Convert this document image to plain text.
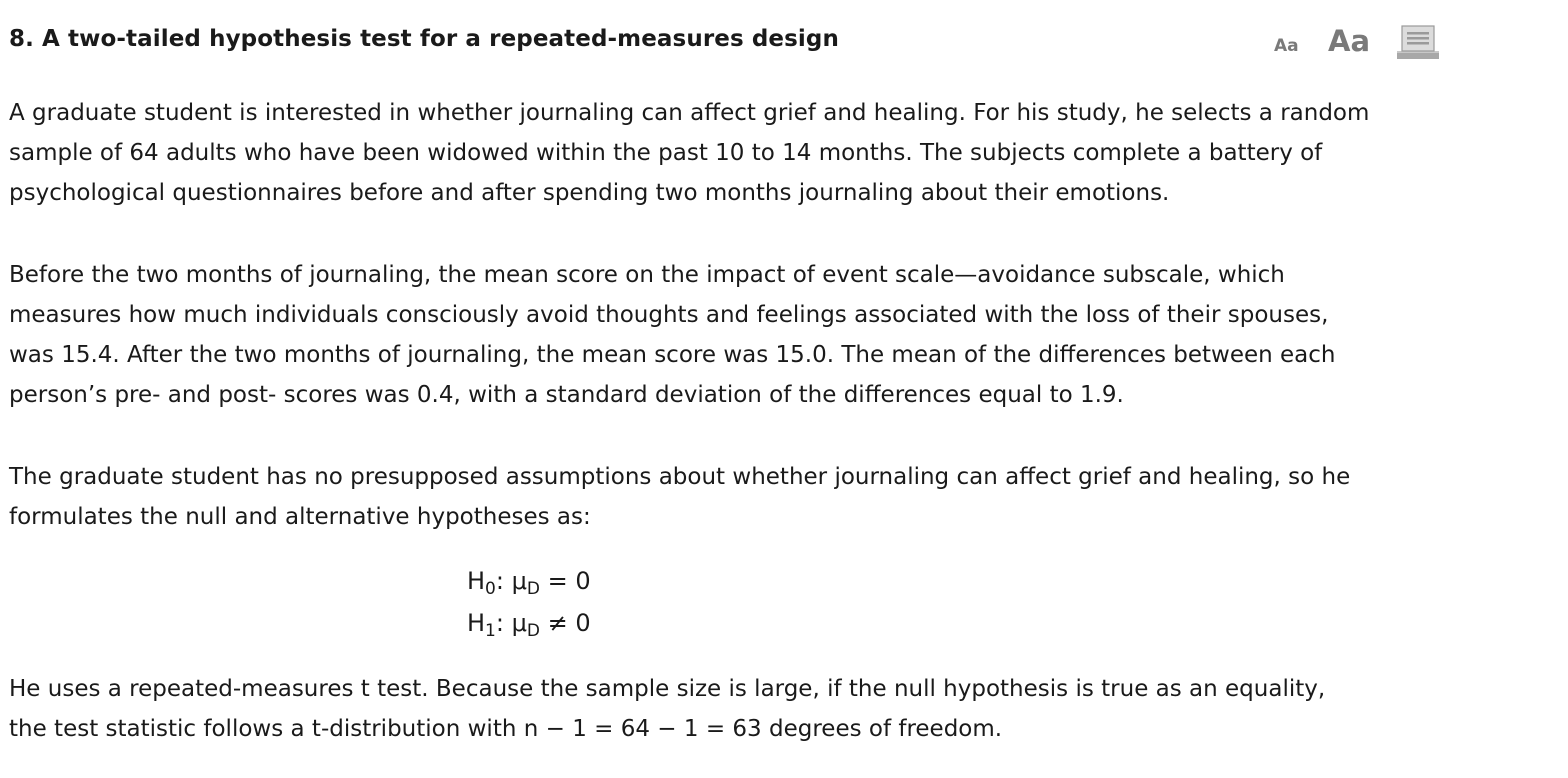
8. A two-tailed hypothesis test for a repeated-measures design	Aa Aa
A graduate student is interested in whether journaling can affect grief and healing. For his study, he selects a random
sample of 64 adults who have been widowed within the past 10 to 14 months. The subjects complete a battery of
psychological questionnaires before and after spending two months journaling about their emotions.
Before the two months of journaling, the mean score on the impact of event scale—avoidance subscale, which
measures how much individuals consciously avoid thoughts and feelings associated with the loss of their spouses,
was 15.4. After the two months of journaling, the mean score was 15.0. The mean of the differences between each
person’s pre- and post- scores was 0.4, with a standard deviation of the differences equal to 1.9.
The graduate student has no presupposed assumptions about whether journaling can affect grief and healing, so he
formulates the null and alternative hypotheses as:
$H_0$: $\mu_D = 0$
$H_1$: $\mu_D \ne 0$
He uses a repeated-measures t test. Because the sample size is large, if the null hypothesis is true as an equality,
the test statistic follows a t-distribution with n − 1 = 64 − 1 = 63 degrees of freedom.
